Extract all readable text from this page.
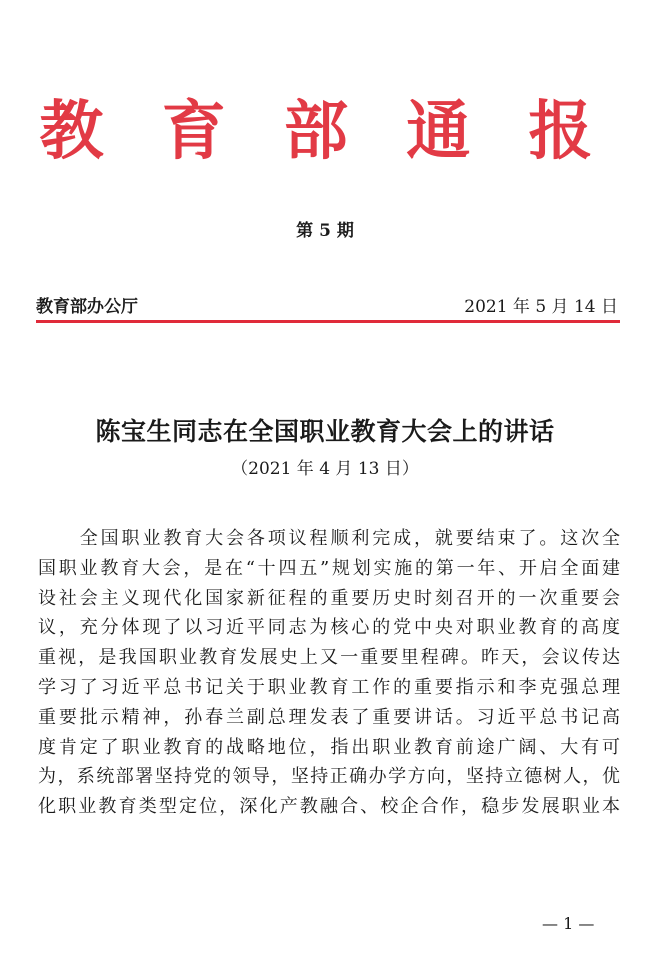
教 育 部 通 报
第 5 期
教育部办公厅	2021 年 5 月 14 日
陈宝生同志在全国职业教育大会上的讲话
（2021 年 4 月 13 日）
　　全国职业教育大会各项议程顺利完成，就要结束了。这次全
国职业教育大会，是在“十四五”规划实施的第一年、开启全面建
设社会主义现代化国家新征程的重要历史时刻召开的一次重要会
议，充分体现了以习近平同志为核心的党中央对职业教育的高度
重视，是我国职业教育发展史上又一重要里程碑。昨天，会议传达
学习了习近平总书记关于职业教育工作的重要指示和李克强总理
重要批示精神，孙春兰副总理发表了重要讲话。习近平总书记高
度肯定了职业教育的战略地位，指出职业教育前途广阔、大有可
为，系统部署坚持党的领导，坚持正确办学方向，坚持立德树人，优
化职业教育类型定位，深化产教融合、校企合作，稳步发展职业本
— 1 —
